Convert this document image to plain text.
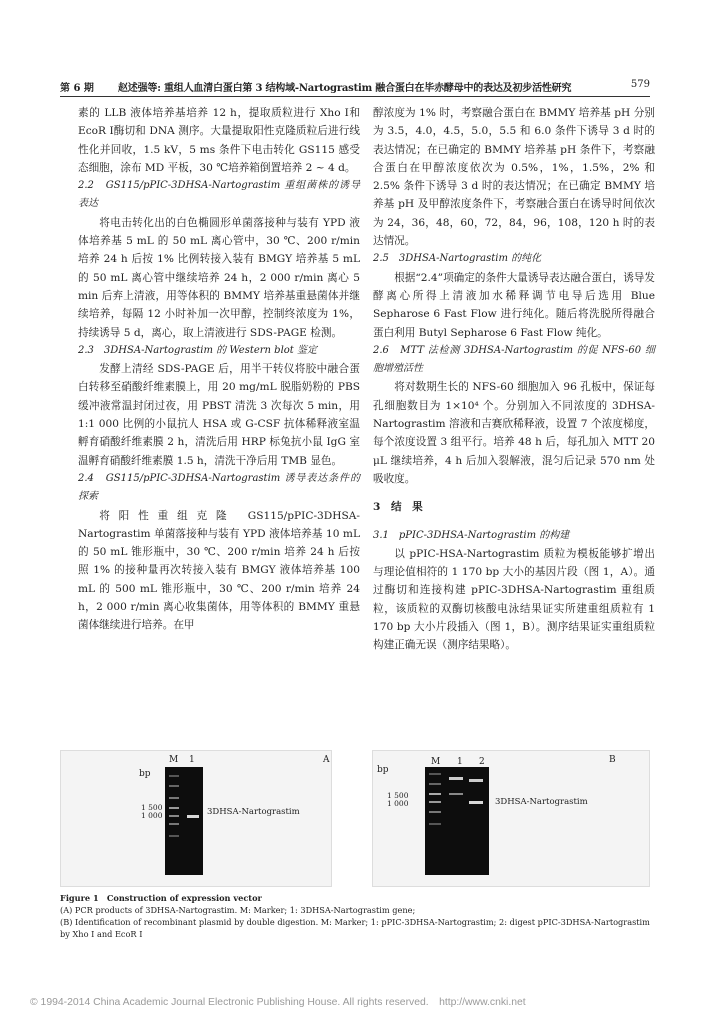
第 6 期 赵述强等: 重组人血清白蛋白第 3 结构域-Nartograstim 融合蛋白在毕赤酵母中的表达及初步活性研究	579

素的 LLB 液体培养基培养 12 h，提取质粒进行 Xho Ⅰ和 EcoR Ⅰ酶切和 DNA 测序。大量提取阳性克隆质粒后进行线性化并回收，1.5 kV，5 ms 条件下电击转化 GS115 感受态细胞，涂布 MD 平板，30 ℃培养箱倒置培养 2 ~ 4 d。

2.2　GS115/pPIC-3DHSA-Nartograstim 重组菌株的诱导表达

将电击转化出的白色椭圆形单菌落接种与装有 YPD 液体培养基 5 mL 的 50 mL 离心管中，30 ℃、200 r/min 培养 24 h 后按 1% 比例转接入装有 BMGY 培养基 5 mL 的 50 mL 离心管中继续培养 24 h，2 000 r/min 离心 5 min 后弃上清液，用等体积的 BMMY 培养基重悬菌体并继续培养，每隔 12 小时补加一次甲醇，控制终浓度为 1%，持续诱导 5 d，离心，取上清液进行 SDS-PAGE 检测。

2.3　3DHSA-Nartograstim 的 Western blot 鉴定

发酵上清经 SDS-PAGE 后，用半干转仪将胶中融合蛋白转移至硝酸纤维素膜上，用 20 mg/mL 脱脂奶粉的 PBS 缓冲液常温封闭过夜，用 PBST 清洗 3 次每次 5 min，用 1:1 000 比例的小鼠抗人 HSA 或 G-CSF 抗体稀释液室温孵育硝酸纤维素膜 2 h，清洗后用 HRP 标兔抗小鼠 IgG 室温孵育硝酸纤维素膜 1.5 h，清洗干净后用 TMB 显色。

2.4　GS115/pPIC-3DHSA-Nartograstim 诱导表达条件的探索

将阳性重组克隆 GS115/pPIC-3DHSA-Nartograstim 单菌落接种与装有 YPD 液体培养基 10 mL 的 50 mL 锥形瓶中，30 ℃、200 r/min 培养 24 h 后按照 1% 的接种量再次转接入装有 BMGY 液体培养基 100 mL 的 500 mL 锥形瓶中，30 ℃、200 r/min 培养 24 h，2 000 r/min 离心收集菌体，用等体积的 BMMY 重悬菌体继续进行培养。在甲

醇浓度为 1% 时，考察融合蛋白在 BMMY 培养基 pH 分别为 3.5，4.0，4.5，5.0，5.5 和 6.0 条件下诱导 3 d 时的表达情况；在已确定的 BMMY 培养基 pH 条件下，考察融合蛋白在甲醇浓度依次为 0.5%，1%，1.5%，2% 和 2.5% 条件下诱导 3 d 时的表达情况；在已确定 BMMY 培养基 pH 及甲醇浓度条件下，考察融合蛋白在诱导时间依次为 24，36，48，60，72，84，96，108，120 h 时的表达情况。

2.5　3DHSA-Nartograstim 的纯化

根据“2.4”项确定的条件大量诱导表达融合蛋白，诱导发酵离心所得上清液加水稀释调节电导后选用 Blue Sepharose 6 Fast Flow 进行纯化。随后将洗脱所得融合蛋白利用 Butyl Sepharose 6 Fast Flow 纯化。

2.6　MTT 法检测 3DHSA-Nartograstim 的促 NFS-60 细胞增殖活性

将对数期生长的 NFS-60 细胞加入 96 孔板中，保证每孔细胞数目为 1×10⁴ 个。分别加入不同浓度的 3DHSA-Nartograstim 溶液和吉赛欣稀释液，设置 7 个浓度梯度，每个浓度设置 3 组平行。培养 48 h 后，每孔加入 MTT 20 μL 继续培养，4 h 后加入裂解液，混匀后记录 570 nm 处吸收度。

3　结　果

3.1　pPIC-3DHSA-Nartograstim 的构建

以 pPIC-HSA-Nartograstim 质粒为模板能够扩增出与理论值相符的 1 170 bp 大小的基因片段（图 1，A）。通过酶切和连接构建 pPIC-3DHSA-Nartograstim 重组质粒，该质粒的双酶切核酸电泳结果证实所建重组质粒有 1 170 bp 大小片段插入（图 1，B）。测序结果证实重组质粒构建正确无误（测序结果略）。

A
M 1
bp
1 500
1 000	3DHSA-Nartograstim
B
M 1 2
bp
1 500
1 000	3DHSA-Nartograstim
Figure 1　Construction of expression vector
(A) PCR products of 3DHSA-Nartograstim. M: Marker; 1: 3DHSA-Nartograstim gene;
(B) Identification of recombinant plasmid by double digestion. M: Marker; 1: pPIC-3DHSA-Nartograstim; 2: digest pPIC-3DHSA-Nartograstim by Xho Ⅰ and EcoR Ⅰ
© 1994-2014 China Academic Journal Electronic Publishing House. All rights reserved.　http://www.cnki.net
